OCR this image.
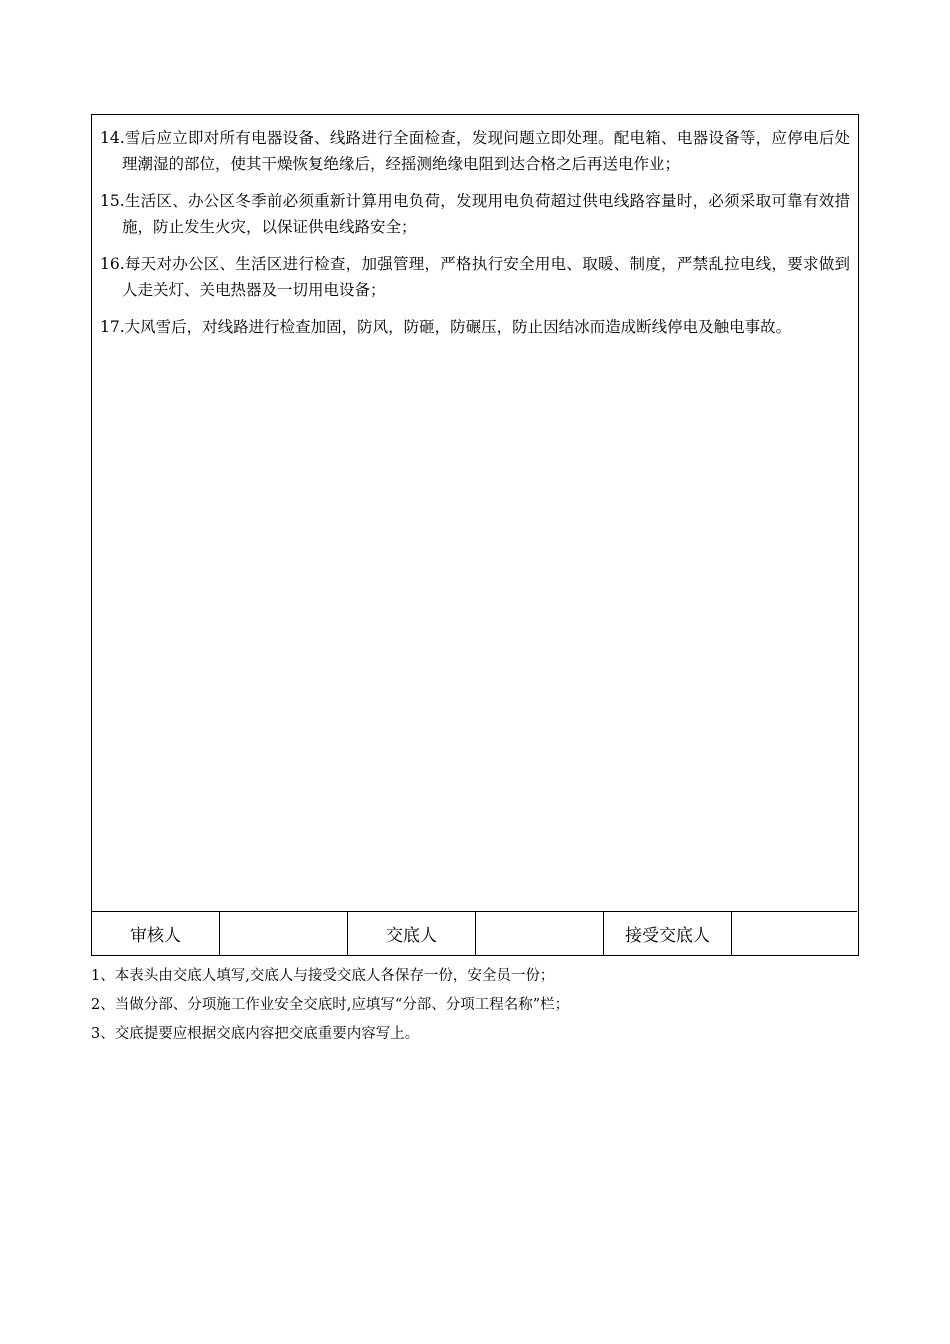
14.雪后应立即对所有电器设备、线路进行全面检查，发现问题立即处理。配电箱、电器设备等，应停电后处理潮湿的部位，使其干燥恢复绝缘后，经摇测绝缘电阻到达合格之后再送电作业；
15.生活区、办公区冬季前必须重新计算用电负荷，发现用电负荷超过供电线路容量时，必须采取可靠有效措施，防止发生火灾，以保证供电线路安全；
16.每天对办公区、生活区进行检查，加强管理，严格执行安全用电、取暖、制度，严禁乱拉电线，要求做到人走关灯、关电热器及一切用电设备；
17.大风雪后，对线路进行检查加固，防风，防砸，防碾压，防止因结冰而造成断线停电及触电事故。
审核人	交底人	接受交底人
1、本表头由交底人填写,交底人与接受交底人各保存一份，安全员一份；
2、当做分部、分项施工作业安全交底时,应填写“分部、分项工程名称”栏；
3、交底提要应根据交底内容把交底重要内容写上。
